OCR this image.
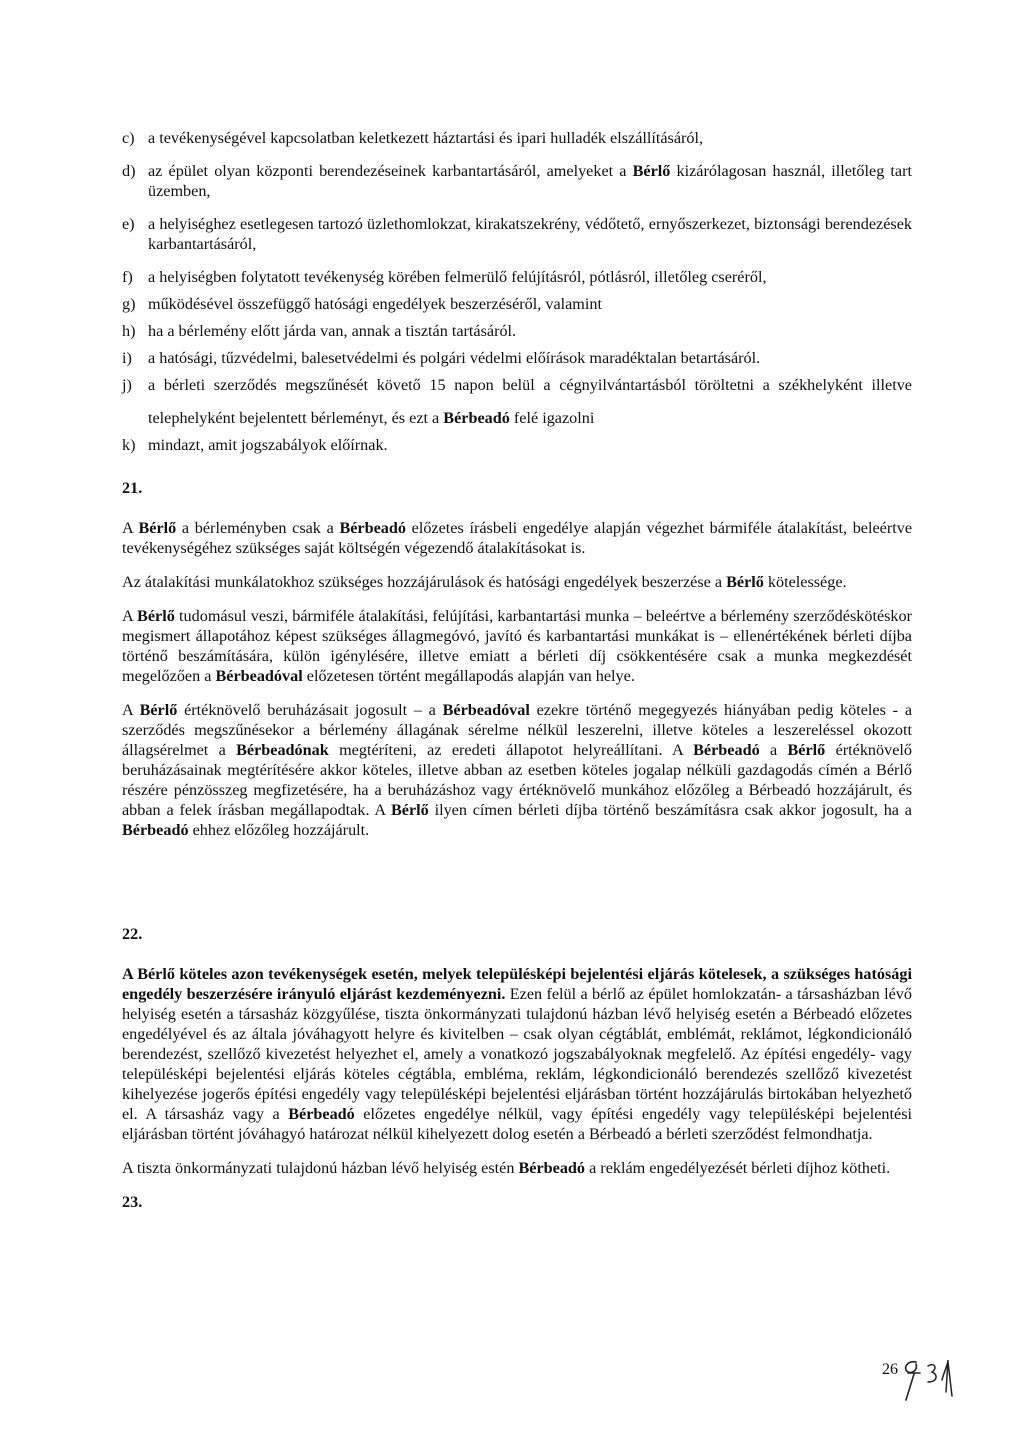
c) a tevékenységével kapcsolatban keletkezett háztartási és ipari hulladék elszállításáról,
d) az épület olyan központi berendezéseinek karbantartásáról, amelyeket a Bérlő kizárólagosan használ, illetőleg tart üzemben,
e) a helyiséghez esetlegesen tartozó üzlethomlokzat, kirakatszekrény, védőtető, ernyőszerkezet, biztonsági berendezések karbantartásáról,
f) a helyiségben folytatott tevékenység körében felmerülő felújításról, pótlásról, illetőleg cseréről,
g) működésével összefüggő hatósági engedélyek beszerzéséről, valamint
h) ha a bérlemény előtt járda van, annak a tisztán tartásáról.
i) a hatósági, tűzvédelmi, balesetvédelmi és polgári védelmi előírások maradéktalan betartásáról.
j) a bérleti szerződés megszűnését követő 15 napon belül a cégnyilvántartásból töröltetni a székhelyként illetve telephelyként bejelentett bérleményt, és ezt a Bérbeadó felé igazolni
k) mindazt, amit jogszabályok előírnak.

21.

A Bérlő a bérleményben csak a Bérbeadó előzetes írásbeli engedélye alapján végezhet bármiféle átalakítást, beleértve tevékenységéhez szükséges saját költségén végezendő átalakításokat is.

Az átalakítási munkálatokhoz szükséges hozzájárulások és hatósági engedélyek beszerzése a Bérlő kötelessége.

A Bérlő tudomásul veszi, bármiféle átalakítási, felújítási, karbantartási munka – beleértve a bérlemény szerződéskötéskor megismert állapotához képest szükséges állagmegóvó, javító és karbantartási munkákat is – ellenértékének bérleti díjba történő beszámítására, külön igénylésére, illetve emiatt a bérleti díj csökkentésére csak a munka megkezdését megelőzően a Bérbeadóval előzetesen történt megállapodás alapján van helye.

A Bérlő értéknövelő beruházásait jogosult – a Bérbeadóval ezekre történő megegyezés hiányában pedig köteles - a szerződés megszűnésekor a bérlemény állagának sérelme nélkül leszerelni, illetve köteles a leszereléssel okozott állagsérelmet a Bérbeadónak megtéríteni, az eredeti állapotot helyreállítani. A Bérbeadó a Bérlő értéknövelő beruházásainak megtérítésére akkor köteles, illetve abban az esetben köteles jogalap nélküli gazdagodás címén a Bérlő részére pénzösszeg megfizetésére, ha a beruházáshoz vagy értéknövelő munkához előzőleg a Bérbeadó hozzájárult, és abban a felek írásban megállapodtak. A Bérlő ilyen címen bérleti díjba történő beszámításra csak akkor jogosult, ha a Bérbeadó ehhez előzőleg hozzájárult.

22.

A Bérlő köteles azon tevékenységek esetén, melyek településképi bejelentési eljárás kötelesek, a szükséges hatósági engedély beszerzésére irányuló eljárást kezdeményezni. Ezen felül a bérlő az épület homlokzatán- a társasházban lévő helyiség esetén a társasház közgyűlése, tiszta önkormányzati tulajdonú házban lévő helyiség esetén a Bérbeadó előzetes engedélyével és az általa jóváhagyott helyre és kivitelben – csak olyan cégtáblát, emblémát, reklámot, légkondicionáló berendezést, szellőző kivezetést helyezhet el, amely a vonatkozó jogszabályoknak megfelelő. Az építési engedély- vagy településképi bejelentési eljárás köteles cégtábla, embléma, reklám, légkondicionáló berendezés szellőző kivezetést kihelyezése jogerős építési engedély vagy településképi bejelentési eljárásban történt hozzájárulás birtokában helyezhető el. A társasház vagy a Bérbeadó előzetes engedélye nélkül, vagy építési engedély vagy településképi bejelentési eljárásban történt jóváhagyó határozat nélkül kihelyezett dolog esetén a Bérbeadó a bérleti szerződést felmondhatja.

A tiszta önkormányzati tulajdonú házban lévő helyiség estén Bérbeadó a reklám engedélyezését bérleti díjhoz kötheti.

23.

26
